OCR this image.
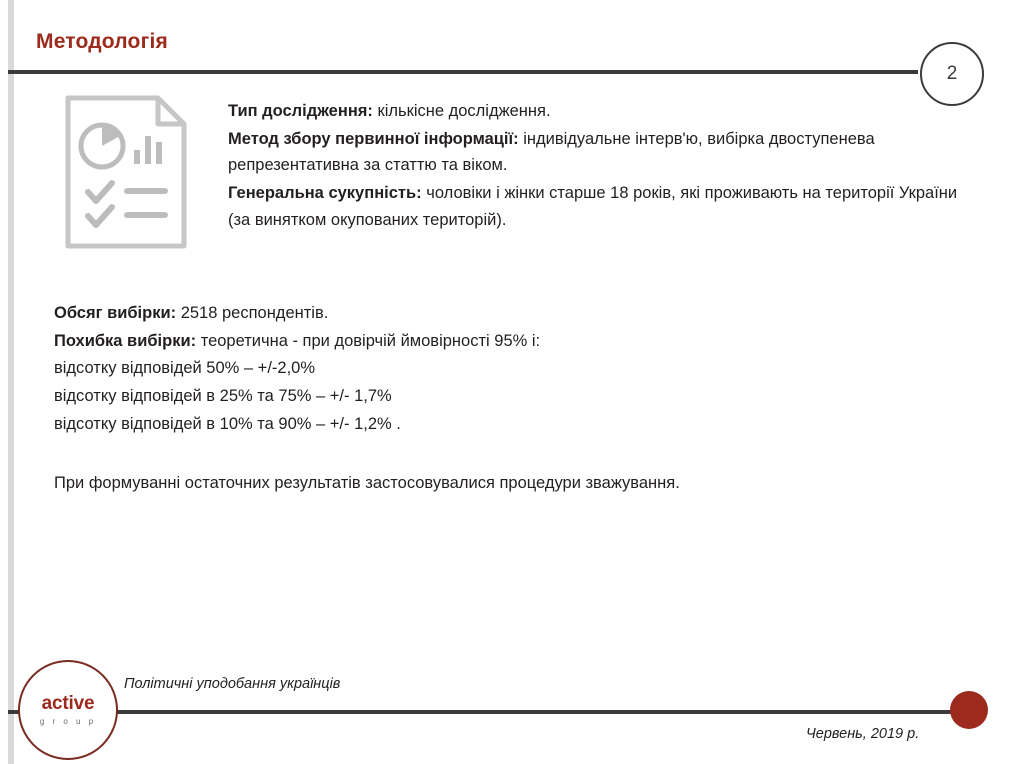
Методологія
2

Тип дослідження: кількісне дослідження.

Метод збору первинної інформації: індивідуальне інтерв'ю, вибірка двоступенева репрезентативна за статтю та віком.

Генеральна сукупність: чоловіки і жінки старше 18 років, які проживають на території України (за винятком окупованих територій).

Обсяг вибірки: 2518 респондентів.

Похибка вибірки: теоретична - при довірчій ймовірності 95% і:

відсотку відповідей 50% – +/-2,0%

відсотку відповідей в 25% та 75% – +/- 1,7%

відсотку відповідей в 10% та 90% – +/- 1,2% .

При формуванні остаточних результатів застосовувалися процедури зважування.
active
g r o u p
Політичні уподобання українців
Червень, 2019 р.
